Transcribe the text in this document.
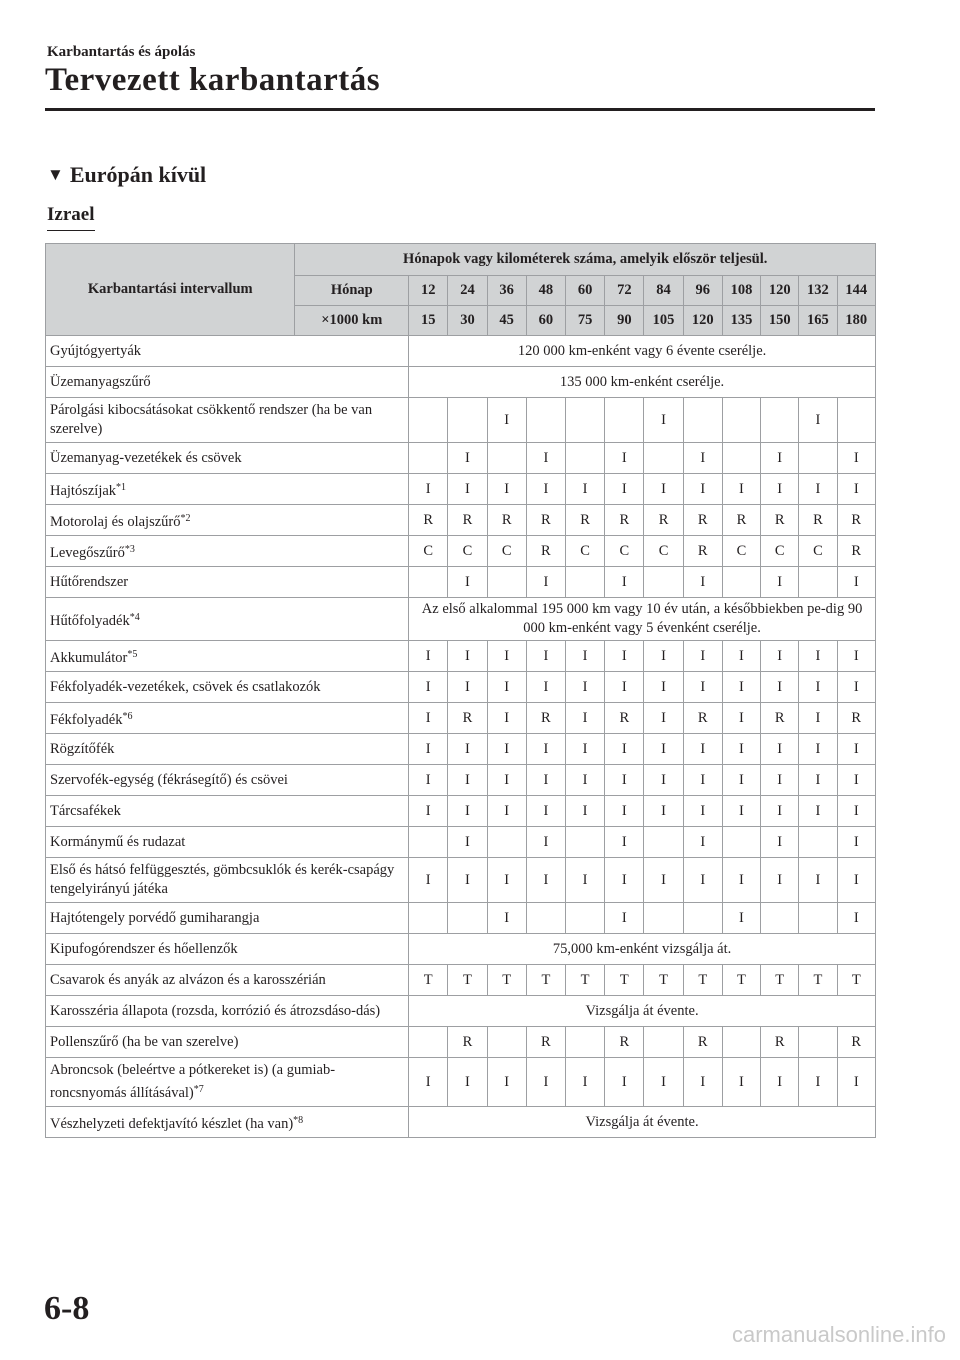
Karbantartás és ápolás
Tervezett karbantartás
▼ Európán kívül
Izrael
Karbantartási intervallum	Hónapok vagy kilométerek száma, amelyik először teljesül.												
	Hónap	12	24	36	48	60	72	84	96	108	120	132	144
	×1000 km	15	30	45	60	75	90	105	120	135	150	165	180
Gyújtógyertyák		120 000 km-enként vagy 6 évente cserélje.											
Üzemanyagszűrő		135 000 km-enként cserélje.											
Párolgási kibocsátásokat csökkentő rendszer (ha be van szerelve)				I				I				I	
Üzemanyag-vezetékek és csövek			I		I		I		I		I		I
Hajtószíjak$^{*1}$		I	I	I	I	I	I	I	I	I	I	I	I
Motorolaj és olajszűrő$^{*2}$		R	R	R	R	R	R	R	R	R	R	R	R
Levegőszűrő$^{*3}$		C	C	C	R	C	C	C	R	C	C	C	R
Hűtőrendszer			I		I		I		I		I		I
Hűtőfolyadék$^{*4}$		Az első alkalommal 195 000 km vagy 10 év után, a későbbiekben pe-dig 90 000 km-enként vagy 5 évenként cserélje.											
Akkumulátor$^{*5}$		I	I	I	I	I	I	I	I	I	I	I	I
Fékfolyadék-vezetékek, csövek és csatlakozók		I	I	I	I	I	I	I	I	I	I	I	I
Fékfolyadék$^{*6}$		I	R	I	R	I	R	I	R	I	R	I	R
Rögzítőfék		I	I	I	I	I	I	I	I	I	I	I	I
Szervofék-egység (fékrásegítő) és csövei		I	I	I	I	I	I	I	I	I	I	I	I
Tárcsafékek		I	I	I	I	I	I	I	I	I	I	I	I
Kormánymű és rudazat			I		I		I		I		I		I
Első és hátsó felfüggesztés, gömbcsuklók és kerék-csapágy tengelyirányú játéka		I	I	I	I	I	I	I	I	I	I	I	I
Hajtótengely porvédő gumiharangja				I			I			I			I
Kipufogórendszer és hőellenzők		75,000 km-enként vizsgálja át.											
Csavarok és anyák az alvázon és a karosszérián		T	T	T	T	T	T	T	T	T	T	T	T
Karosszéria állapota (rozsda, korrózió és átrozsdáso-dás)		Vizsgálja át évente.											
Pollenszűrő (ha be van szerelve)			R		R		R		R		R		R
Abroncsok (beleértve a pótkereket is) (a gumiab-roncsnyomás állításával)$^{*7}$		I	I	I	I	I	I	I	I	I	I	I	I
Vészhelyzeti defektjavító készlet (ha van)$^{*8}$		Vizsgálja át évente.											
6-8
carmanualsonline.info
